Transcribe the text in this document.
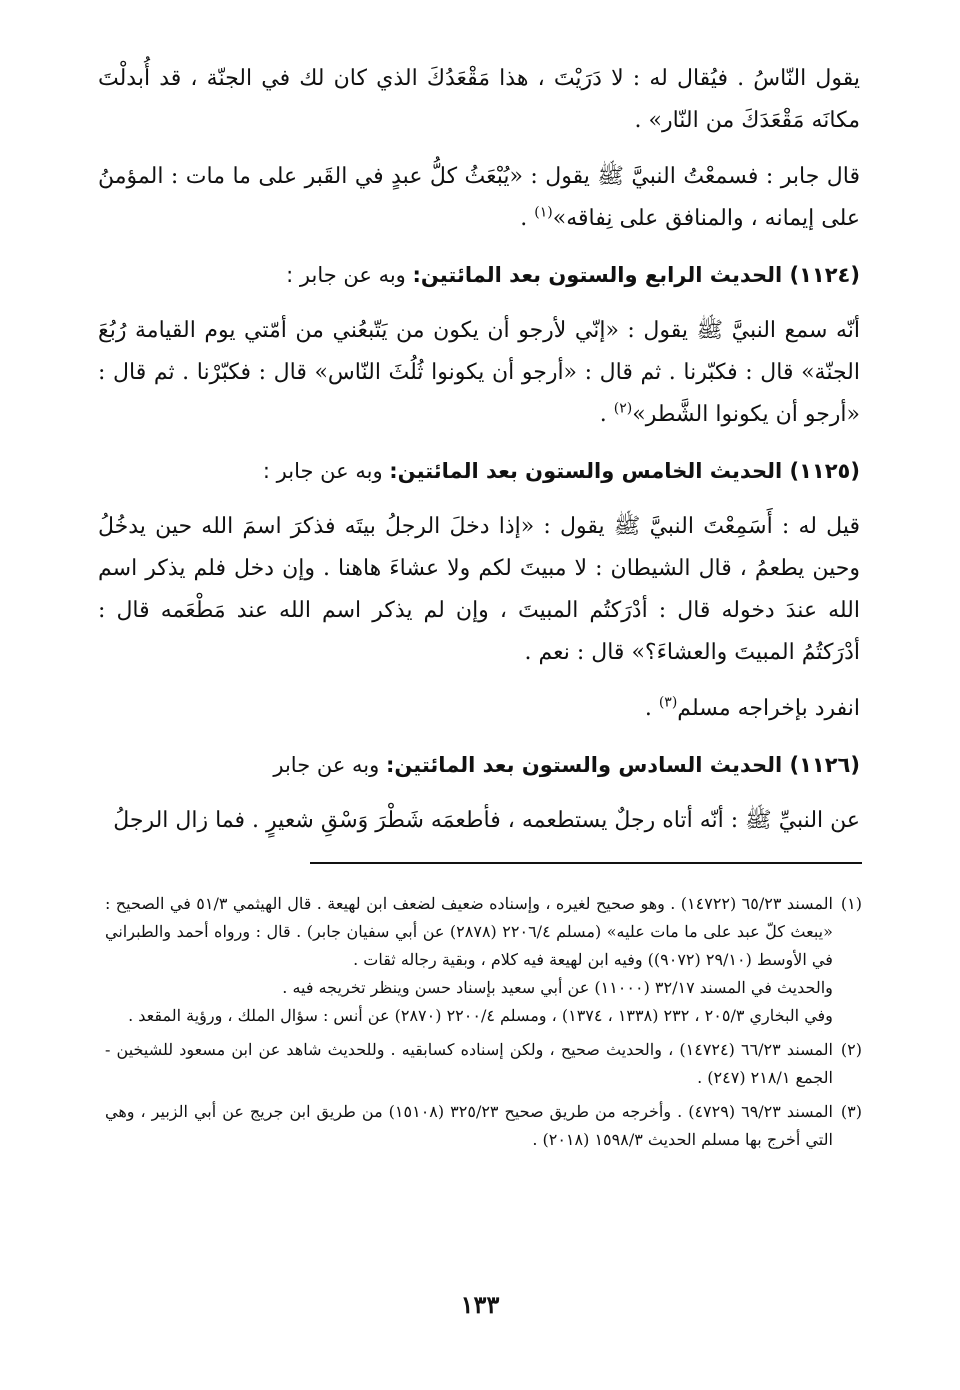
يقول النّاسُ . فيُقال له : لا دَرَيْتَ ، هذا مَقْعَدُكَ الذي كان لك في الجنّة ، قد أُبدلْتَ مكانَه مَقْعَدَكَ من النّار» .

قال جابر : فسمعْتُ النبيَّ ﷺ يقول : «يُبْعَثُ كلُّ عبدٍ في القَبر على ما مات : المؤمنُ على إيمانه ، والمنافق على نِفاقه»$^{(١)}$ .

(١١٢٤) الحديث الرابع والستون بعد المائتين: وبه عن جابر :

أنّه سمع النبيَّ ﷺ يقول : «إنّي لأرجو أن يكون من يَتّبعُني من أمّتي يوم القيامة رُبُعَ الجنّة» قال : فكبّرنا . ثم قال : «أرجو أن يكونوا ثُلُثَ النّاس» قال : فكبّرْنا . ثم قال : «أرجو أن يكونوا الشَّطر»$^{(٢)}$ .

(١١٢٥) الحديث الخامس والستون بعد المائتين: وبه عن جابر :

قيل له : أَسَمِعْتَ النبيَّ ﷺ يقول : «إذا دخلَ الرجلُ بيتَه فذكرَ اسمَ الله حين يدخُلُ وحين يطعمُ ، قال الشيطان : لا مبيتَ لكم ولا عشاءَ هاهنا . وإن دخل فلم يذكر اسم الله عندَ دخوله قال : أدْرَكتُم المبيتَ ، وإن لم يذكر اسم الله عند مَطْعَمه قال : أدْرَكتُمُ المبيتَ والعشاءَ؟» قال : نعم .

انفرد بإخراجه مسلم$^{(٣)}$ .

(١١٢٦) الحديث السادس والستون بعد المائتين: وبه عن جابر

عن النبيِّ ﷺ : أنّه أتاه رجلٌ يستطعمه ، فأطعمَه شَطْرَ وَسْقِ شعيرٍ . فما زال الرجلُ

(١)

المسند ٦٥/٢٣ (١٤٧٢٢) . وهو صحيح لغيره ، وإسناده ضعيف لضعف ابن لهيعة . قال الهيثمي ٥١/٣ في الصحيح : «يبعث كلّ عبد على ما مات عليه» (مسلم ٢٢٠٦/٤ (٢٨٧٨) عن أبي سفيان جابر) . قال : ورواه أحمد والطبراني في الأوسط (٢٩/١٠ (٩٠٧٢)) وفيه ابن لهيعة فيه كلام ، وبقية رجاله ثقات .

والحديث في المسند ٣٢/١٧ (١١٠٠٠) عن أبي سعيد بإسناد حسن وينظر تخريجه فيه .

وفي البخاري ٢٠٥/٣ ، ٢٣٢ (١٣٣٨ ، ١٣٧٤) ، ومسلم ٢٢٠٠/٤ (٢٨٧٠) عن أنس : سؤال الملك ، ورؤية المقعد .

(٢)
المسند ٦٦/٢٣ (١٤٧٢٤) ، والحديث صحيح ، ولكن إسناده كسابقيه . وللحديث شاهد عن ابن مسعود للشيخين - الجمع ٢١٨/١ (٢٤٧) .
(٣)
المسند ٦٩/٢٣ (٤٧٢٩) . وأخرجه من طريق صحيح ٣٢٥/٢٣ (١٥١٠٨) من طريق ابن جريج عن أبي الزبير ، وهي التي أخرج بها مسلم الحديث ١٥٩٨/٣ (٢٠١٨) .
١٣٣
